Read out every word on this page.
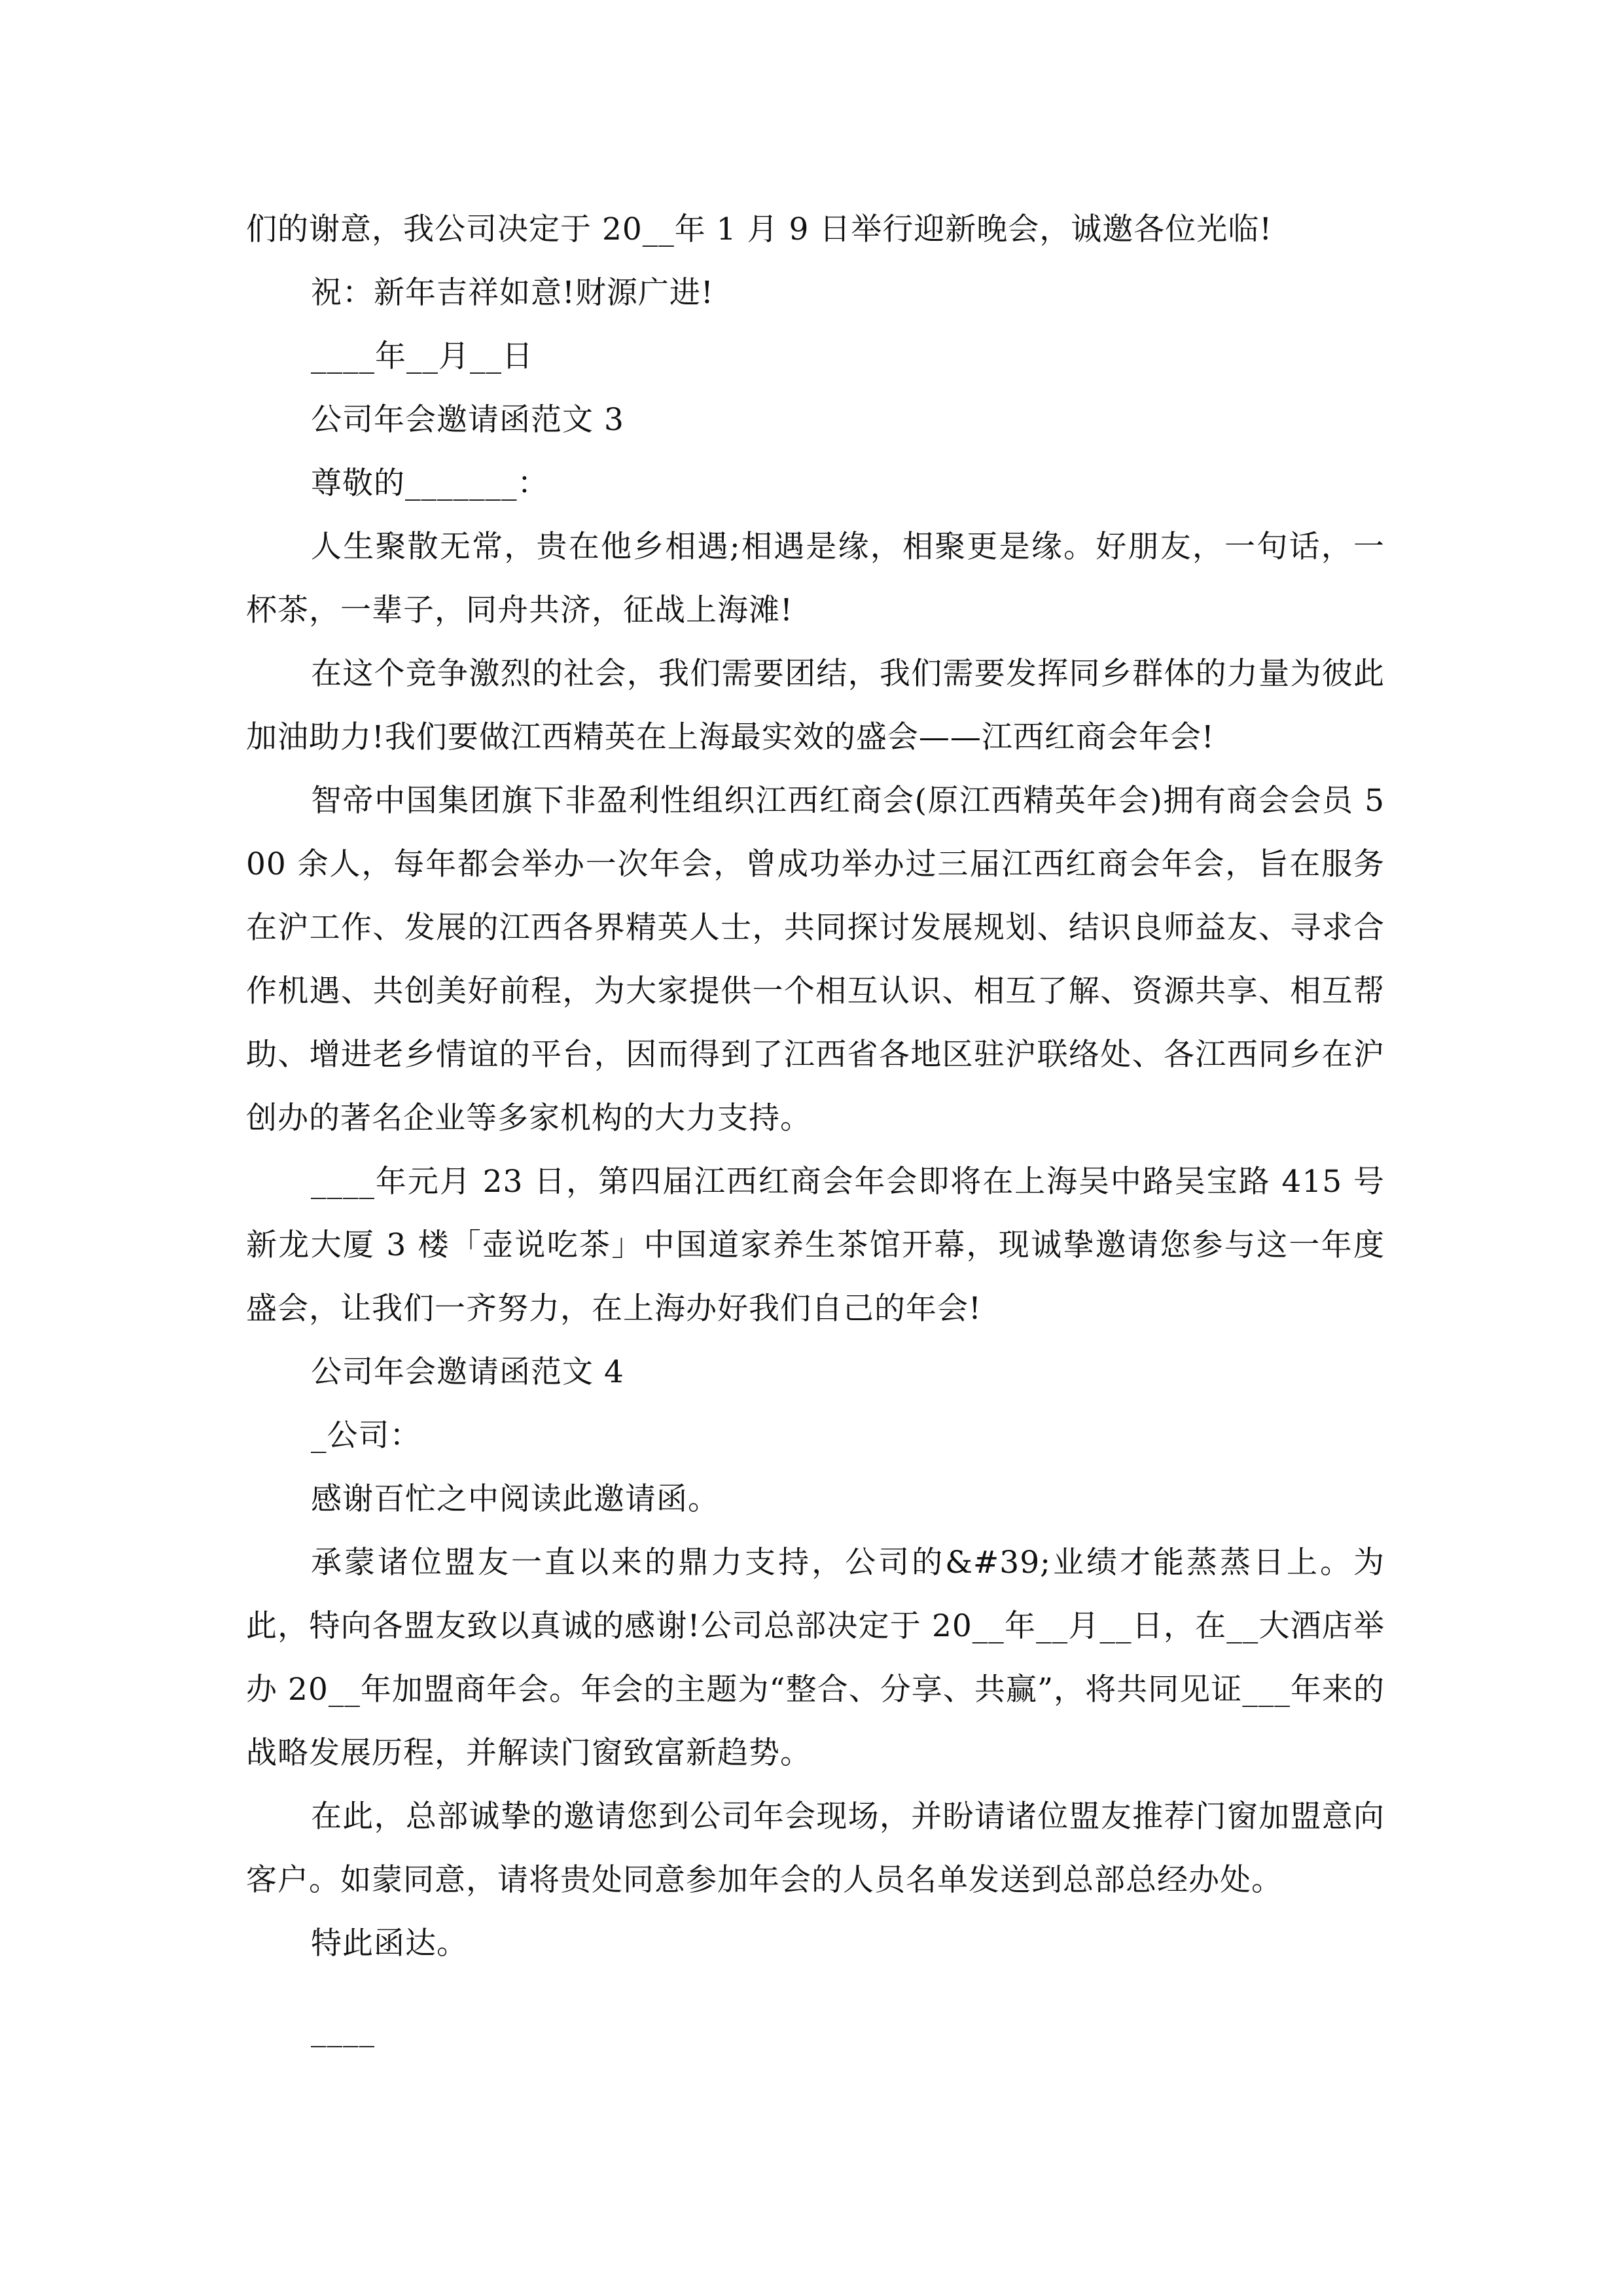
们的谢意，我公司决定于 20__年 1 月 9 日举行迎新晚会，诚邀各位光临!

祝：新年吉祥如意!财源广进!

____年__月__日

公司年会邀请函范文 3

尊敬的_______：

人生聚散无常，贵在他乡相遇;相遇是缘，相聚更是缘。好朋友，一句话，一杯茶，一辈子，同舟共济，征战上海滩!

在这个竞争激烈的社会，我们需要团结，我们需要发挥同乡群体的力量为彼此加油助力!我们要做江西精英在上海最实效的盛会——江西红商会年会!

智帝中国集团旗下非盈利性组织江西红商会(原江西精英年会)拥有商会会员 500 余人，每年都会举办一次年会，曾成功举办过三届江西红商会年会，旨在服务在沪工作、发展的江西各界精英人士，共同探讨发展规划、结识良师益友、寻求合作机遇、共创美好前程，为大家提供一个相互认识、相互了解、资源共享、相互帮助、增进老乡情谊的平台，因而得到了江西省各地区驻沪联络处、各江西同乡在沪创办的著名企业等多家机构的大力支持。

____年元月 23 日，第四届江西红商会年会即将在上海吴中路吴宝路 415 号新龙大厦 3 楼「壶说吃茶」中国道家养生茶馆开幕，现诚挚邀请您参与这一年度盛会，让我们一齐努力，在上海办好我们自己的年会!

公司年会邀请函范文 4

_公司：

感谢百忙之中阅读此邀请函。

承蒙诸位盟友一直以来的鼎力支持，公司的&#39;业绩才能蒸蒸日上。为此，特向各盟友致以真诚的感谢!公司总部决定于 20__年__月__日，在__大酒店举办 20__年加盟商年会。年会的主题为“整合、分享、共赢”，将共同见证___年来的战略发展历程，并解读门窗致富新趋势。

在此，总部诚挚的邀请您到公司年会现场，并盼请诸位盟友推荐门窗加盟意向客户。如蒙同意，请将贵处同意参加年会的人员名单发送到总部总经办处。

特此函达。

____
